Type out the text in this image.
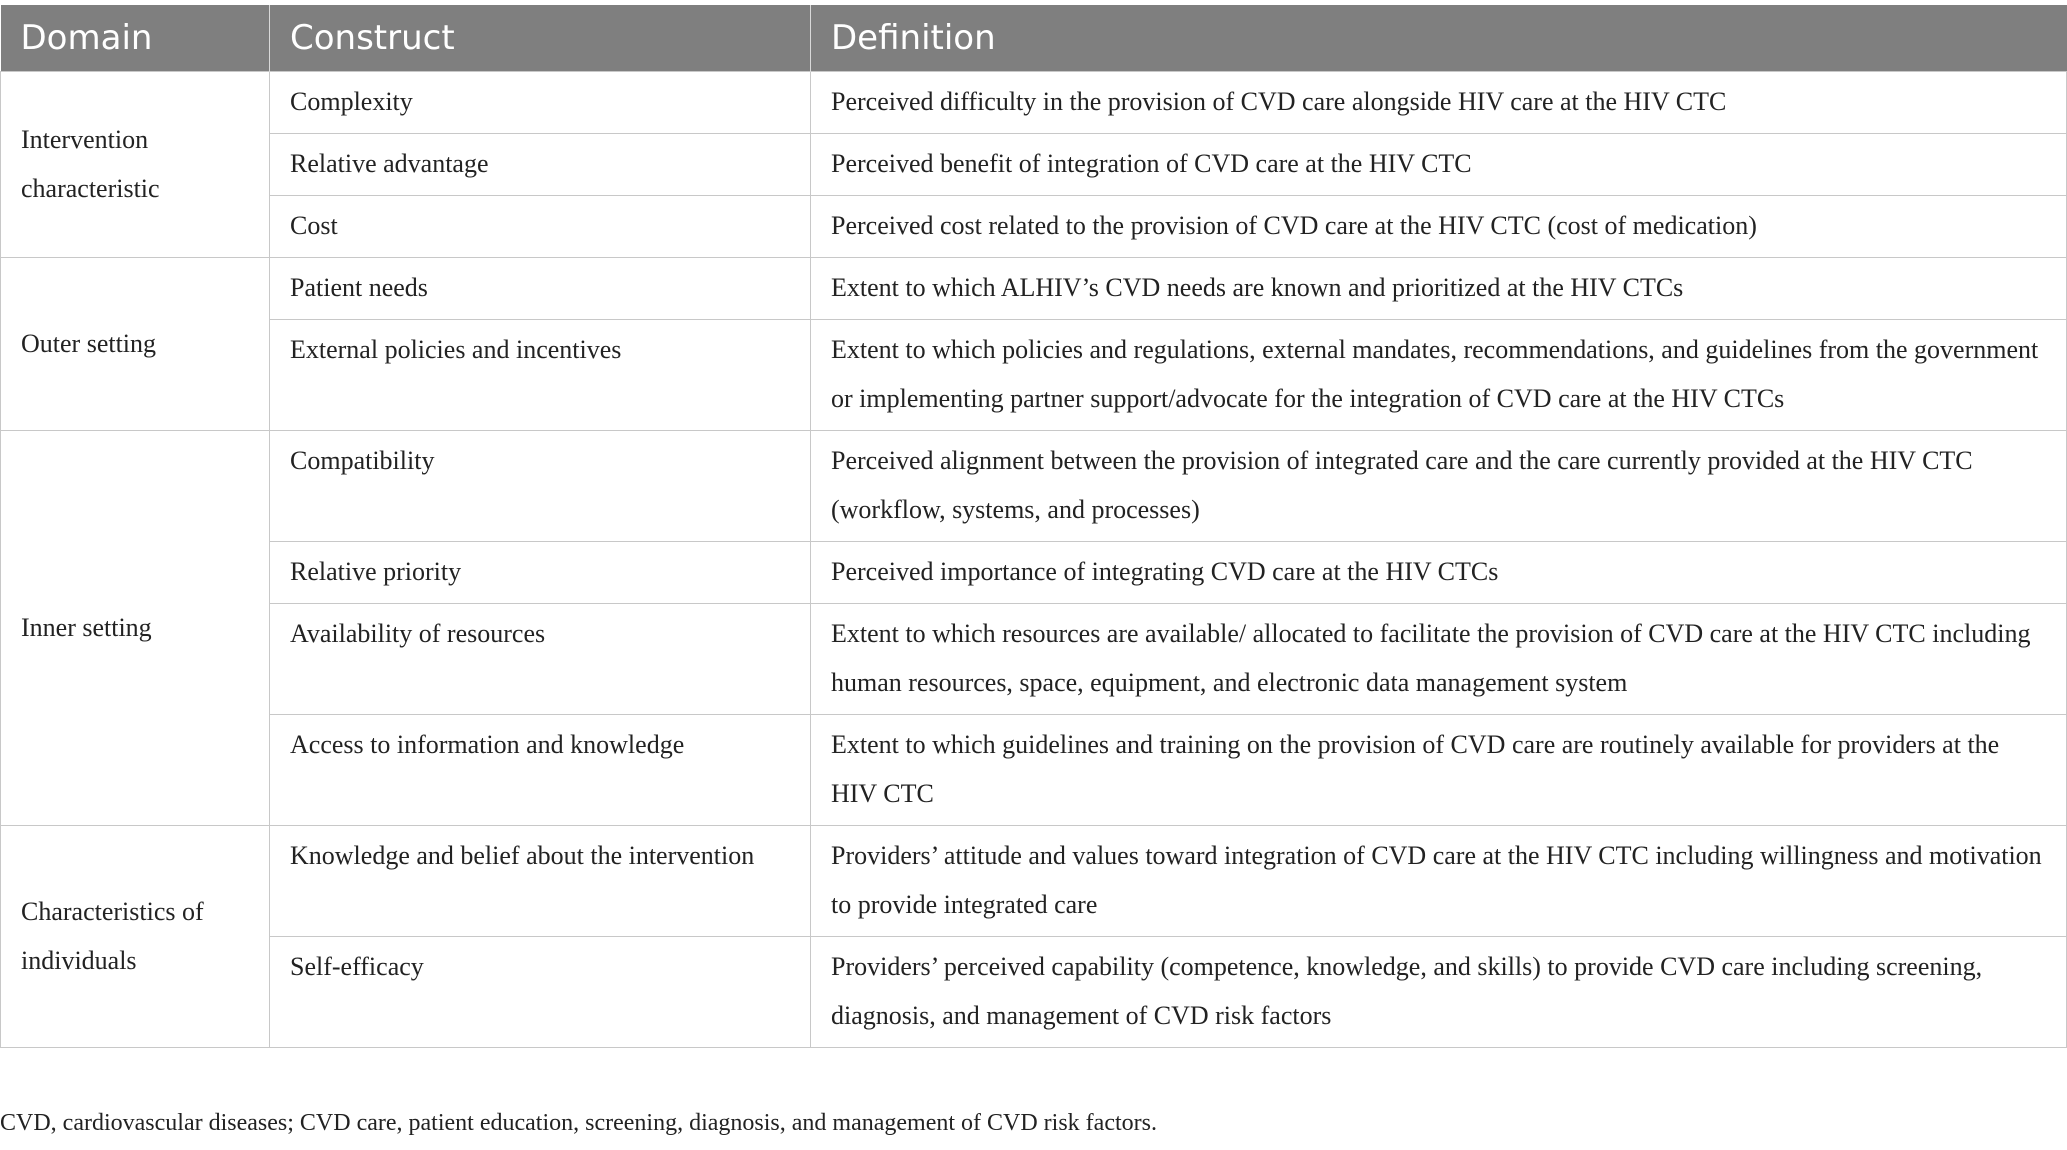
Domain	Construct	Definition
Intervention characteristic	Complexity	Perceived difficulty in the provision of CVD care alongside HIV care at the HIV CTC
	Relative advantage	Perceived benefit of integration of CVD care at the HIV CTC
	Cost	Perceived cost related to the provision of CVD care at the HIV CTC (cost of medication)
Outer setting	Patient needs	Extent to which ALHIV’s CVD needs are known and prioritized at the HIV CTCs
	External policies and incentives	Extent to which policies and regulations, external mandates, recommendations, and guidelines from the government or implementing partner support/advocate for the integration of CVD care at the HIV CTCs
Inner setting	Compatibility	Perceived alignment between the provision of integrated care and the care currently provided at the HIV CTC (workflow, systems, and processes)
	Relative priority	Perceived importance of integrating CVD care at the HIV CTCs
	Availability of resources	Extent to which resources are available/ allocated to facilitate the provision of CVD care at the HIV CTC including human resources, space, equipment, and electronic data management system
	Access to information and knowledge	Extent to which guidelines and training on the provision of CVD care are routinely available for providers at the HIV CTC
Characteristics of individuals	Knowledge and belief about the intervention	Providers’ attitude and values toward integration of CVD care at the HIV CTC including willingness and motivation to provide integrated care
	Self-efficacy	Providers’ perceived capability (competence, knowledge, and skills) to provide CVD care including screening, diagnosis, and management of CVD risk factors
CVD, cardiovascular diseases; CVD care, patient education, screening, diagnosis, and management of CVD risk factors.
